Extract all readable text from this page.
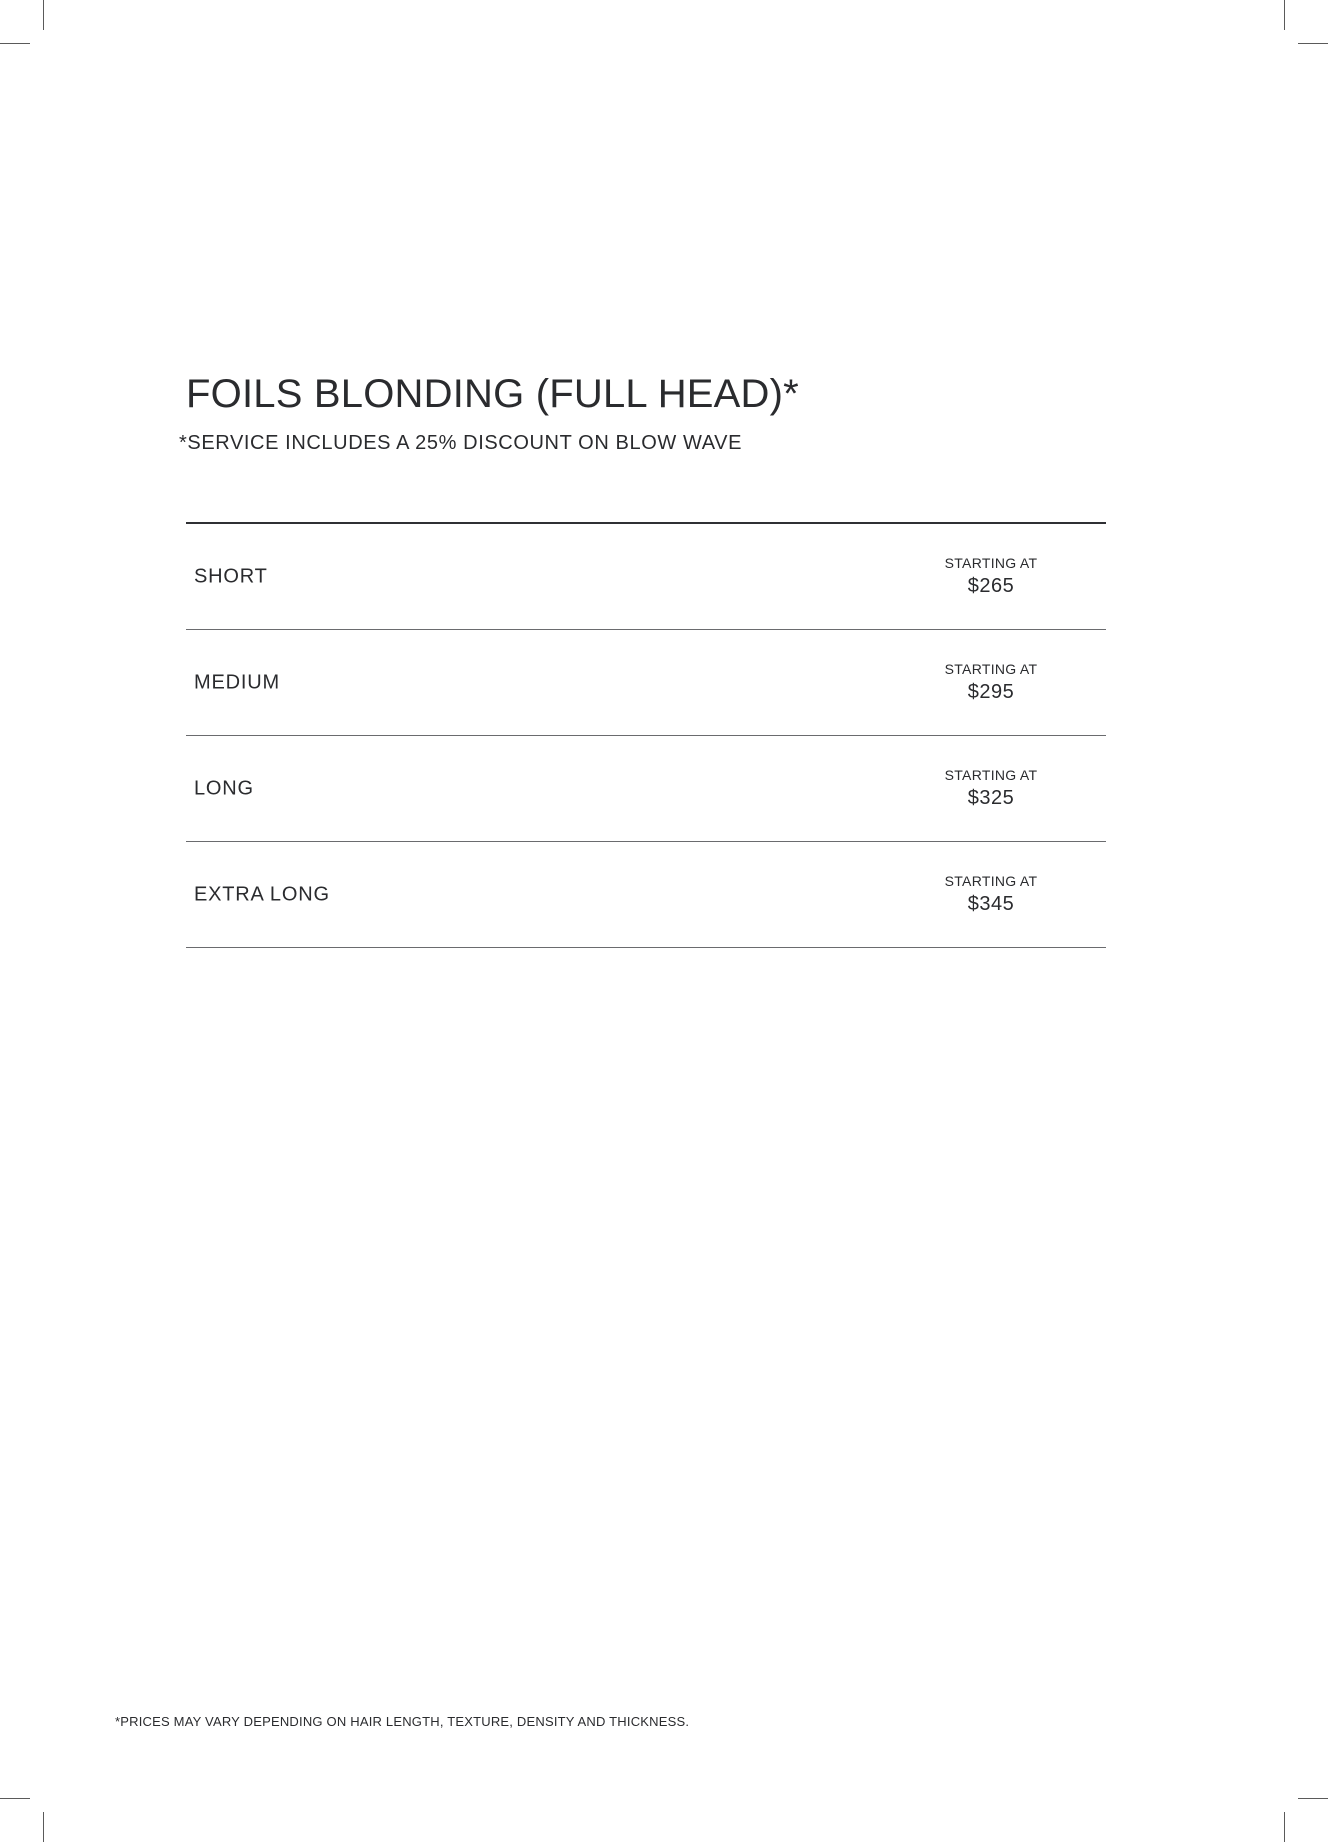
FOILS BLONDING (FULL HEAD)*
*SERVICE INCLUDES A 25% DISCOUNT ON BLOW WAVE
SHORT
STARTING AT
$265
MEDIUM
STARTING AT
$295
LONG
STARTING AT
$325
EXTRA LONG
STARTING AT
$345
*PRICES MAY VARY DEPENDING ON HAIR LENGTH, TEXTURE, DENSITY AND THICKNESS.
